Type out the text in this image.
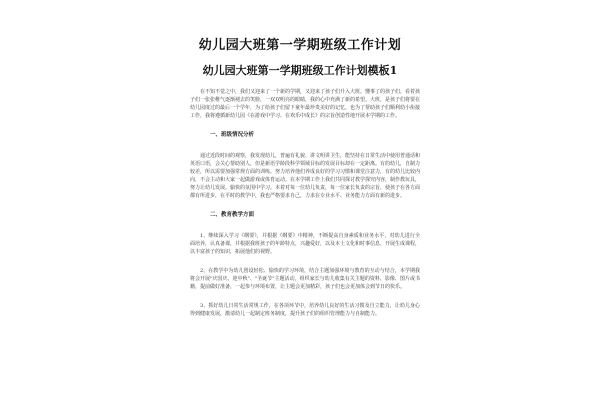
幼儿园大班第一学期班级工作计划
幼儿园大班第一学期班级工作计划模板1

在不知不觉之中，我们又迎来了一个新的学期，又迎来了孩子们升入大班。懂事了的孩子们，看着孩子们一张张稚气逐渐褪去的笑脸，一双双明亮的眼睛，我的心中充满了新的希望。大班，是孩子们将要在幼儿园度过的最后一个学年，为了给孩子们留下童年最珍贵美好的记忆，也为了帮助孩子们顺利幼小衔接工作，我将遵循新幼儿园《在游戏中学习、在欢乐中成长》的宗旨创造性地开展本学期的工作。

一、班级情况分析

通过近段时间的观察，我发现幼儿，普遍有礼貌、讲文明讲卫生，能坚持在日常生活中使用普通话和英语口语，会关心帮助别人，但是新语学龄段科学领域目标的发展目标却在一定距离。有的幼儿，自制力较差，所以需要加强常规方面的训练。努力培养他们养成良好的学习习惯和课堂注意力，有的幼儿比较内向，不会主动和大家一起做游戏或体育运动。在本学期工作上我们共同探讨教学探究内容，制作教玩具，努力让幼儿发展。愉快的氛围中学习。本着对每一位幼儿负责，每一位家长负责的宗旨，使孩子在各方面都有所进步，在平时的教学中，我也严格要求自己，力求在专业水平、业务能力方面有新的进步。

二、教育教学方面

1、继续深入学习《纲要》，并根据《纲要》中精神，不断提高自身素质和业务水平，对幼儿进行全面培养，认真备课，并根据我班孩子的年龄特点，兴趣爱好，以及本土文化和时事信息，开展生成课程，以丰富孩子的知识，拓展他们的视野。

2、在教学中为幼儿创设轻松、愉快的学习环境，结合主题加强环境与教育的互动与结合，本学期我将会开展"庆国庆、迎中秋"、"圣诞节"主题活动，组织家长与幼儿收集有关主题的资料、影像、图片或书籍，提前做好准备，一起参与环境布置，让主题会更加精彩，孩子们也会更加体会到节日的快乐。

3、抓好幼儿日常生活常规工作，在各项环节中，培养幼儿良好的生活习惯及自立能力，让幼儿身心得到健康发展，激请幼儿一起制定班务制度，提升孩子们的组织管理能力与自制能力。
